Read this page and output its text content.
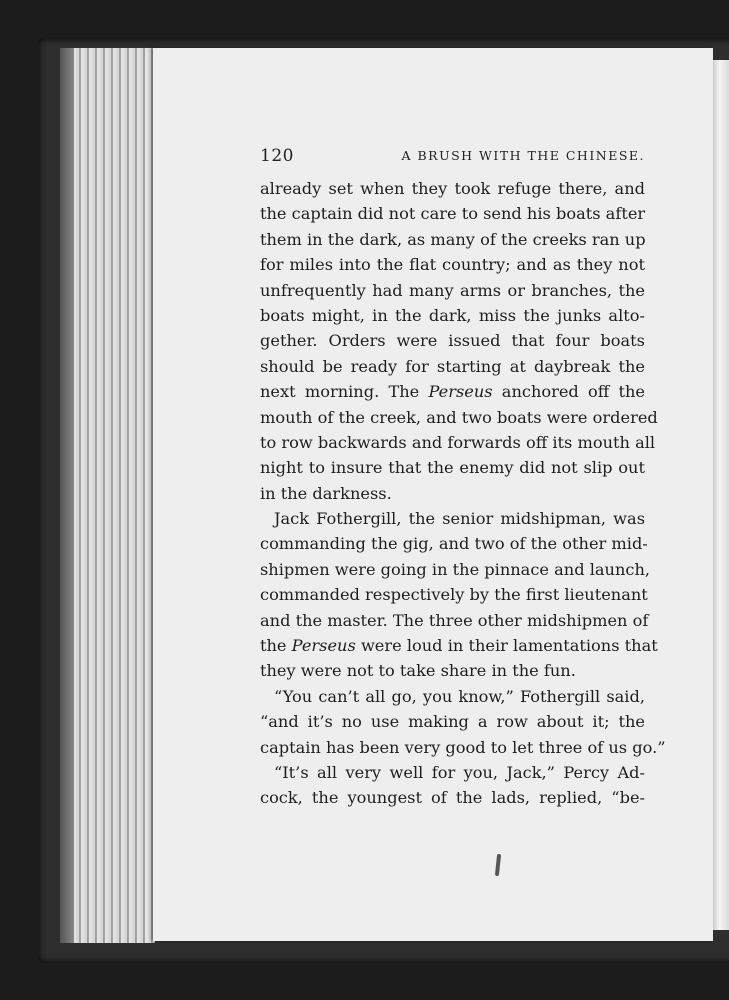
120	A BRUSH WITH THE CHINESE.
already set when they took refuge there, and
the captain did not care to send his boats after
them in the dark, as many of the creeks ran up
for miles into the flat country; and as they not
unfrequently had many arms or branches, the
boats might, in the dark, miss the junks alto-
gether. Orders were issued that four boats
should be ready for starting at daybreak the
next morning. The Perseus anchored off the
mouth of the creek, and two boats were ordered
to row backwards and forwards off its mouth all
night to insure that the enemy did not slip out
in the darkness.
Jack Fothergill, the senior midshipman, was
commanding the gig, and two of the other mid-
shipmen were going in the pinnace and launch,
commanded respectively by the first lieutenant
and the master. The three other midshipmen of
the Perseus were loud in their lamentations that
they were not to take share in the fun.
“You can’t all go, you know,” Fothergill said,
“and it’s no use making a row about it; the
captain has been very good to let three of us go.”
“It’s all very well for you, Jack,” Percy Ad-
cock, the youngest of the lads, replied, “be-
